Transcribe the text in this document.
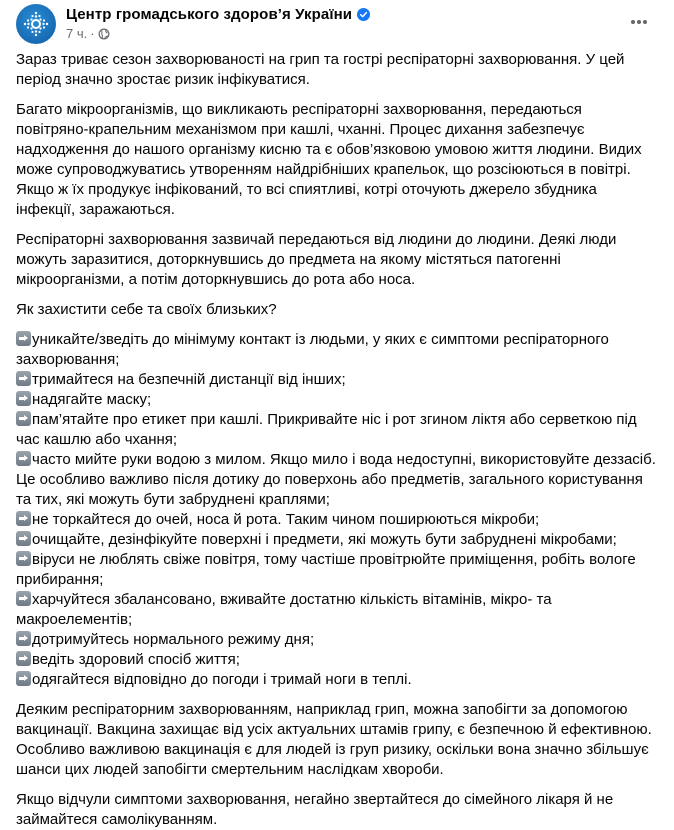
Центр громадського здоров’я України
7 ч. ·
Зараз триває сезон захворюваності на грип та гострі респіраторні захворювання. У цей період значно зростає ризик інфікуватися.
Багато мікроорганізмів, що викликають респіраторні захворювання, передаються повітряно-крапельним механізмом при кашлі, чханні. Процес дихання забезпечує надходження до нашого організму кисню та є обов’язковою умовою життя людини. Видих може супроводжуватись утворенням найдрібніших крапельок, що розсіюються в повітрі. Якщо ж їх продукує інфікований, то всі спиятливі, котрі оточують джерело збудника інфекції, заражаються.
Респіраторні захворювання зазвичай передаються від людини до людини. Деякі люди можуть заразитися, доторкнувшись до предмета на якому містяться патогенні мікроорганізми, а потім доторкнувшись до рота або носа.
Як захистити себе та своїх близьких?
уникайте/зведіть до мінімуму контакт із людьми, у яких є симптоми респіраторного захворювання;
тримайтеся на безпечній дистанції від інших;
надягайте маску;
пам’ятайте про етикет при кашлі. Прикривайте ніс і рот згином ліктя або серветкою під час кашлю або чхання;
часто мийте руки водою з милом. Якщо мило і вода недоступні, використовуйте деззасіб. Це особливо важливо після дотику до поверхонь або предметів, загального користування та тих, які можуть бути забруднені краплями;
не торкайтеся до очей, носа й рота. Таким чином поширюються мікроби;
очищайте, дезінфікуйте поверхні і предмети, які можуть бути забруднені мікробами;
віруси не люблять свіже повітря, тому частіше провітрюйте приміщення, робіть вологе прибирання;
харчуйтеся збалансовано, вживайте достатню кількість вітамінів, мікро- та макроелементів;
дотримуйтесь нормального режиму дня;
ведіть здоровий спосіб життя;
одягайтеся відповідно до погоди і тримай ноги в теплі.
Деяким респіраторним захворюванням, наприклад грип, можна запобігти за допомогою вакцинації. Вакцина захищає від усіх актуальних штамів грипу, є безпечною й ефективною. Особливо важливою вакцинація є для людей із груп ризику, оскільки вона значно збільшує шанси цих людей запобігти смертельним наслідкам хвороби.
Якщо відчули симптоми захворювання, негайно звертайтеся до сімейного лікаря й не займайтеся самолікуванням.
